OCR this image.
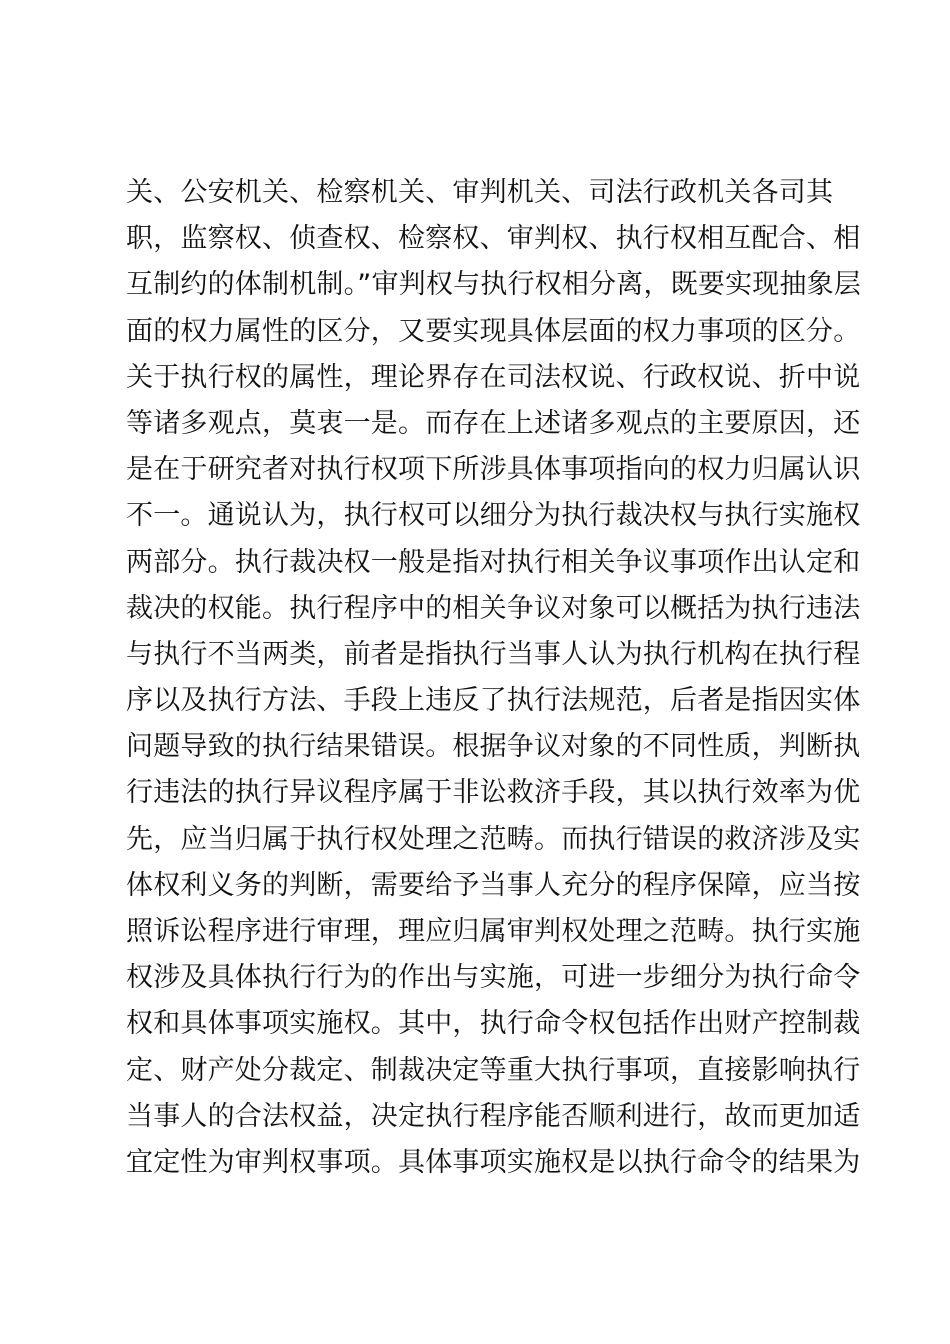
关、公安机关、检察机关、审判机关、司法行政机关各司其
职，监察权、侦查权、检察权、审判权、执行权相互配合、相
互制约的体制机制。”审判权与执行权相分离，既要实现抽象层
面的权力属性的区分，又要实现具体层面的权力事项的区分。
关于执行权的属性，理论界存在司法权说、行政权说、折中说
等诸多观点，莫衷一是。而存在上述诸多观点的主要原因，还
是在于研究者对执行权项下所涉具体事项指向的权力归属认识
不一。通说认为，执行权可以细分为执行裁决权与执行实施权
两部分。执行裁决权一般是指对执行相关争议事项作出认定和
裁决的权能。执行程序中的相关争议对象可以概括为执行违法
与执行不当两类，前者是指执行当事人认为执行机构在执行程
序以及执行方法、手段上违反了执行法规范，后者是指因实体
问题导致的执行结果错误。根据争议对象的不同性质，判断执
行违法的执行异议程序属于非讼救济手段，其以执行效率为优
先，应当归属于执行权处理之范畴。而执行错误的救济涉及实
体权利义务的判断，需要给予当事人充分的程序保障，应当按
照诉讼程序进行审理，理应归属审判权处理之范畴。执行实施
权涉及具体执行行为的作出与实施，可进一步细分为执行命令
权和具体事项实施权。其中，执行命令权包括作出财产控制裁
定、财产处分裁定、制裁决定等重大执行事项，直接影响执行
当事人的合法权益，决定执行程序能否顺利进行，故而更加适
宜定性为审判权事项。具体事项实施权是以执行命令的结果为
